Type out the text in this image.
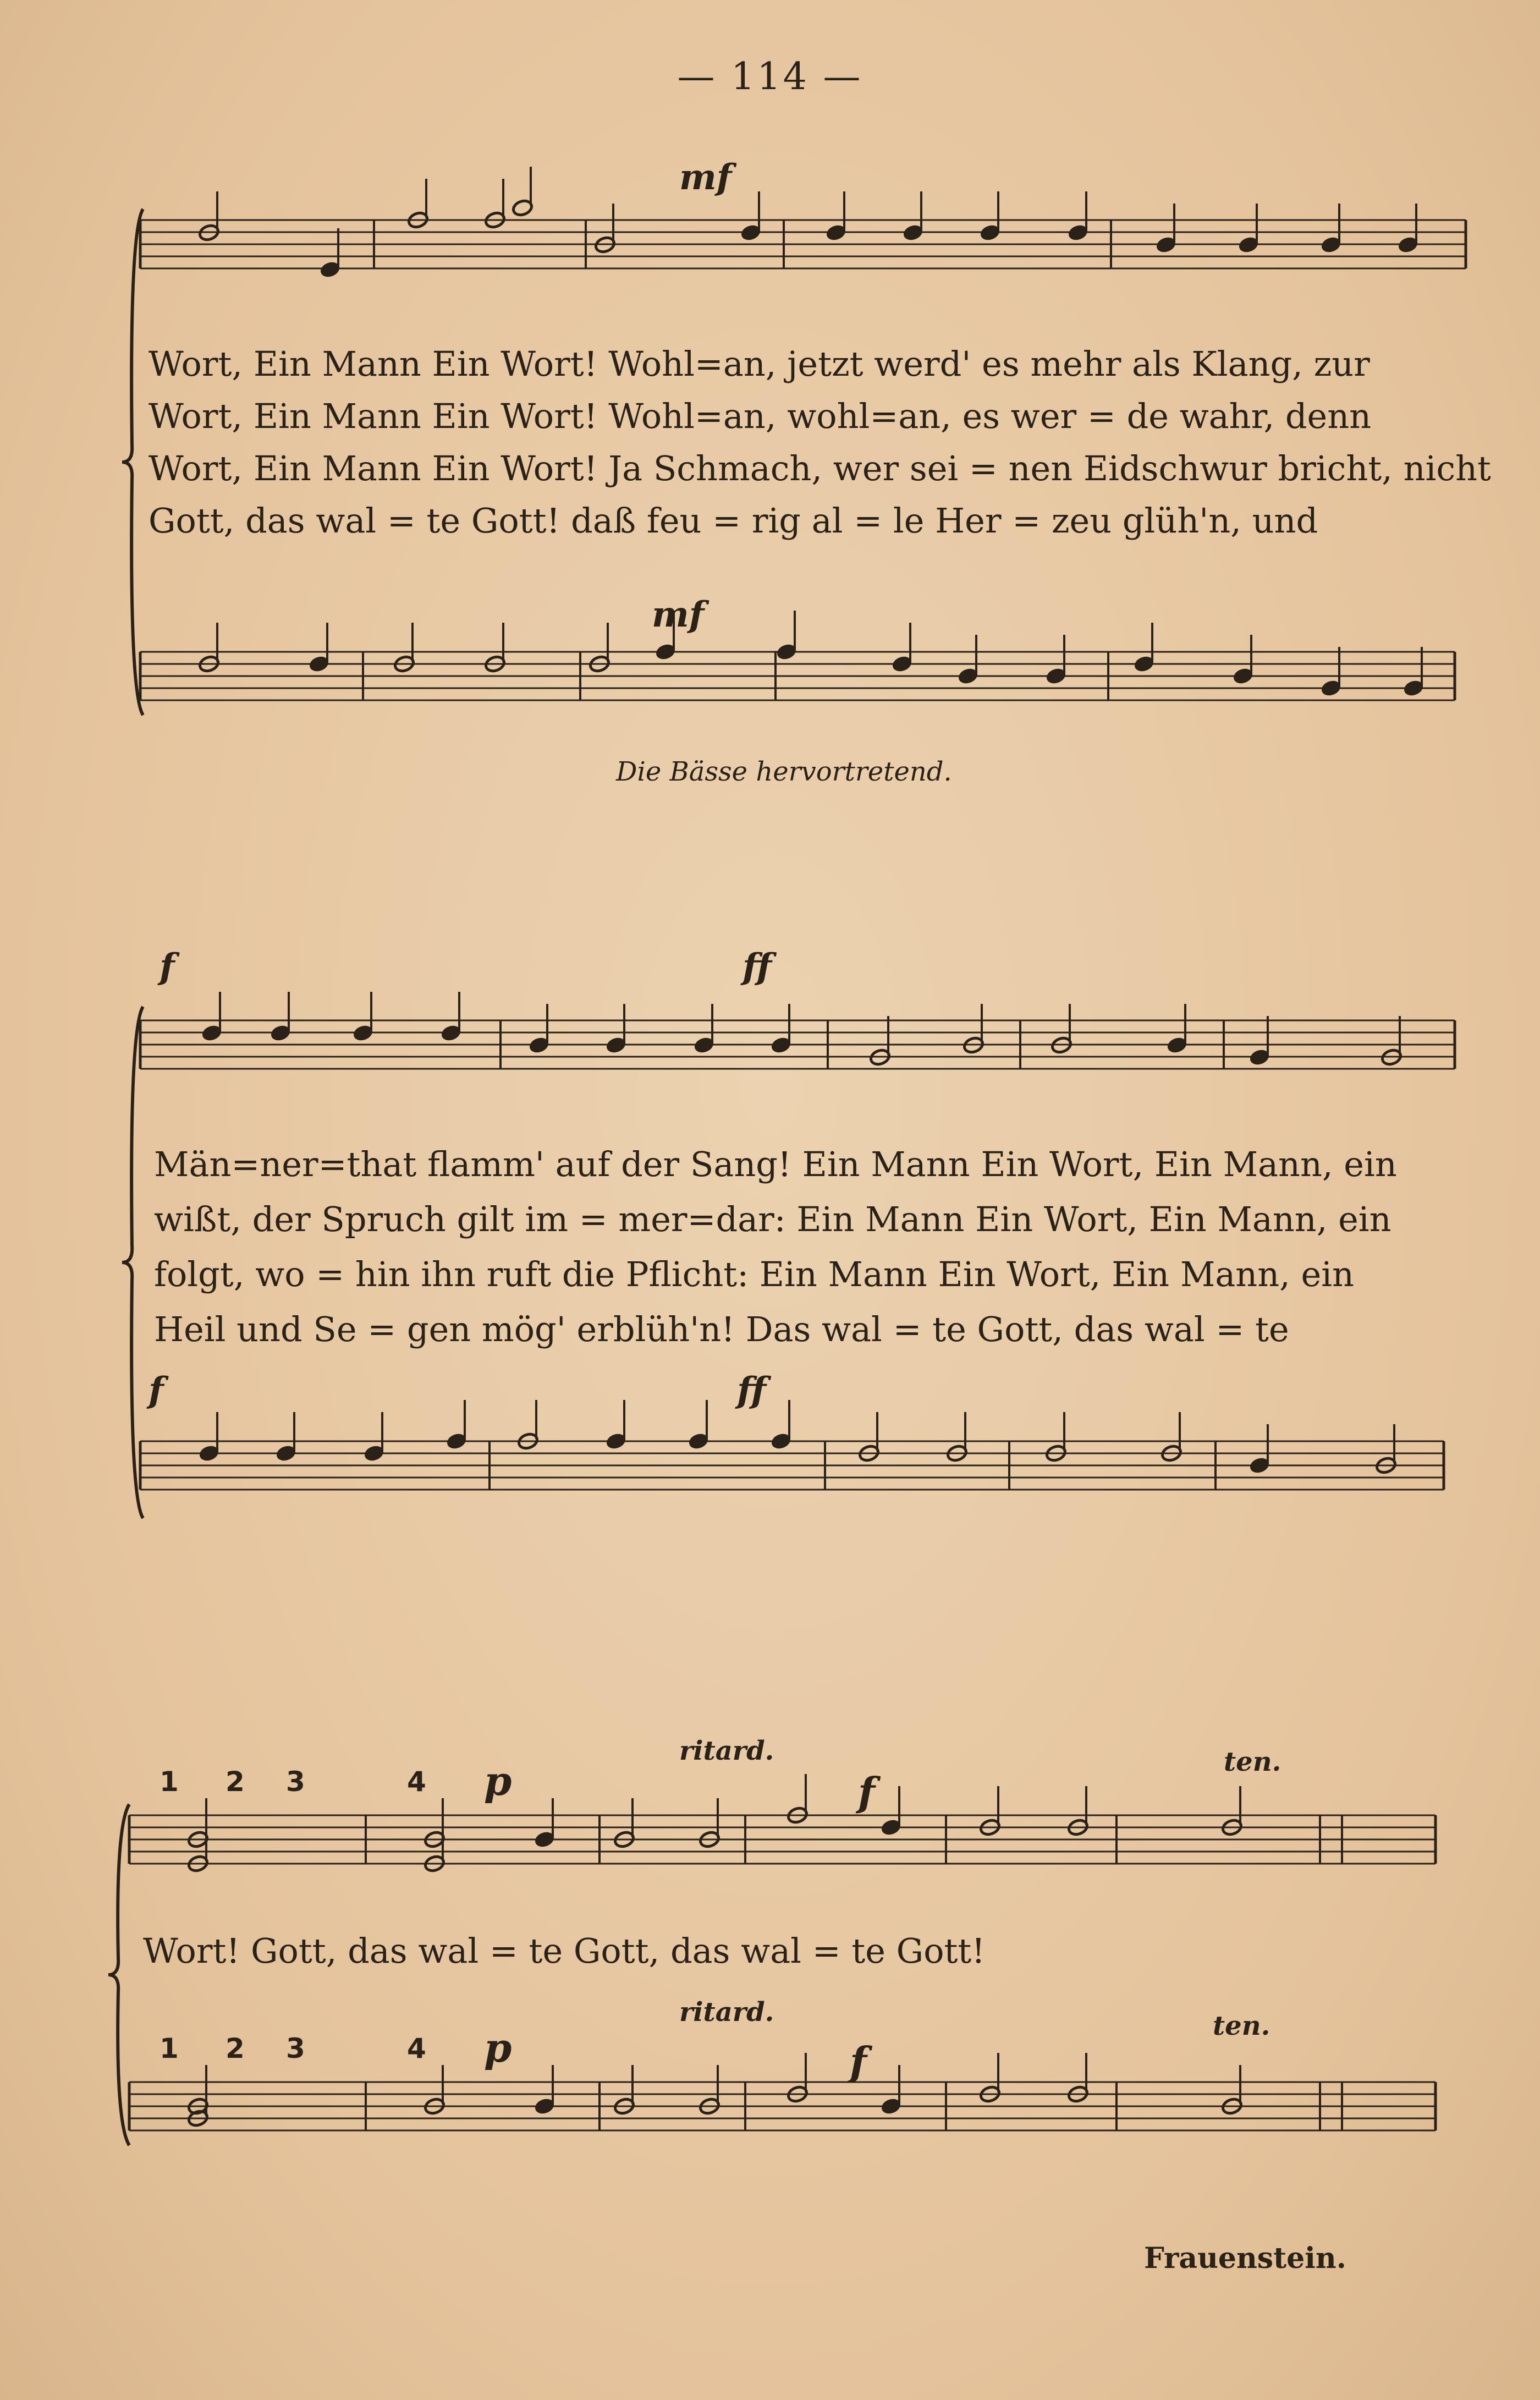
— 114 —
mf
Wort, Ein Mann Ein Wort! Wohl=an, jetzt werd' es mehr als Klang, zur
Wort, Ein Mann Ein Wort! Wohl=an, wohl=an, es wer = de wahr, denn
Wort, Ein Mann Ein Wort! Ja Schmach, wer sei = nen Eidschwur bricht, nicht
Gott, das wal = te Gott! daß feu = rig al = le Her = zeu glüh'n, und
mf
Die Bässe hervortretend.
f	ff
Män=ner=that flamm' auf der Sang! Ein Mann Ein Wort, Ein Mann, ein
wißt, der Spruch gilt im = mer=dar: Ein Mann Ein Wort, Ein Mann, ein
folgt, wo = hin ihn ruft die Pflicht: Ein Mann Ein Wort, Ein Mann, ein
Heil und Se = gen mög' erblüh'n! Das wal = te Gott, das wal = te
f	ff
ritard.	ten.
1 2 3	4 p	f
Wort! Gott, das wal = te Gott, das wal = te Gott!
ritard.	ten.
1 2 3	4 p	f
Frauenstein.
